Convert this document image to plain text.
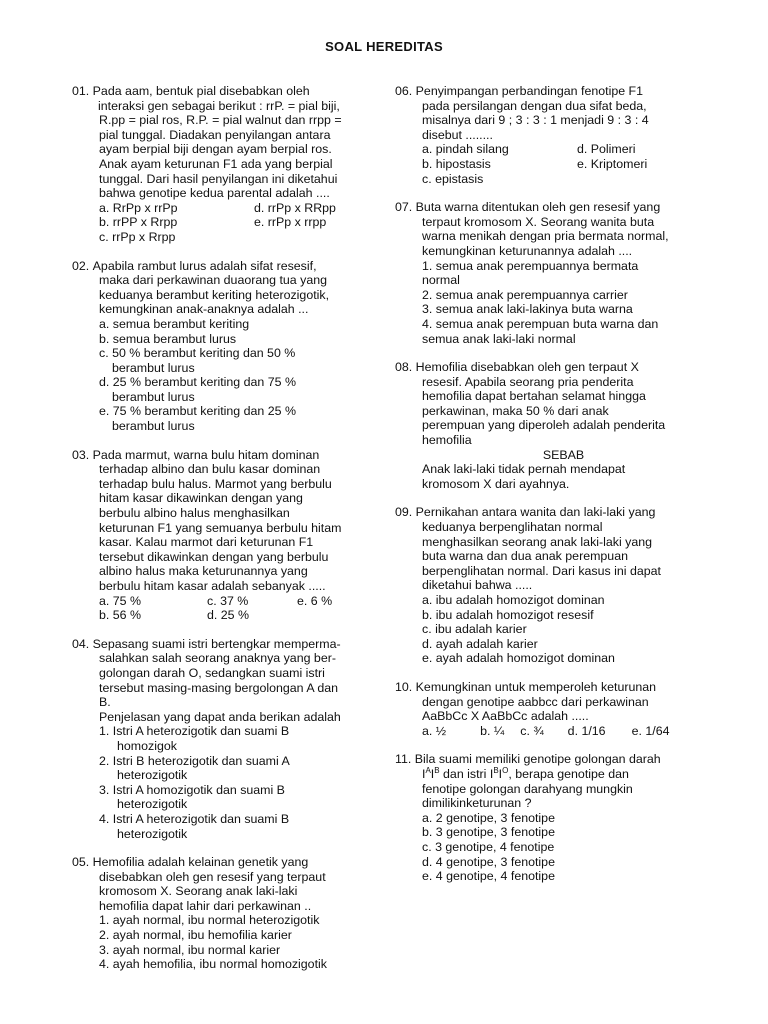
SOAL HEREDITAS
01. Pada aam, bentuk pial disebabkan oleh
interaksi gen sebagai berikut : rrP. = pial biji,
R.pp = pial ros, R.P. = pial walnut dan rrpp =
pial tunggal. Diadakan penyilangan antara
ayam berpial biji dengan ayam berpial ros.
Anak ayam keturunan F1 ada yang berpial
tunggal. Dari hasil penyilangan ini diketahui
bahwa genotipe kedua parental adalah ....
a. RrPp x rrPp	d. rrPp x RRpp
b. rrPP x Rrpp	e. rrPp x rrpp
c. rrPp x Rrpp
02. Apabila rambut lurus adalah sifat resesif,
maka dari perkawinan duaorang tua yang
keduanya berambut keriting heterozigotik,
kemungkinan anak-anaknya adalah ...
a. semua berambut keriting
b. semua berambut lurus
c. 50 % berambut keriting dan 50 %
berambut lurus
d. 25 % berambut keriting dan 75 %
berambut lurus
e. 75 % berambut keriting dan 25 %
berambut lurus
03. Pada marmut, warna bulu hitam dominan
terhadap albino dan bulu kasar dominan
terhadap bulu halus. Marmot yang berbulu
hitam kasar dikawinkan dengan yang
berbulu albino halus menghasilkan
keturunan F1 yang semuanya berbulu hitam
kasar. Kalau marmot dari keturunan F1
tersebut dikawinkan dengan yang berbulu
albino halus maka keturunannya yang
berbulu hitam kasar adalah sebanyak .....
a. 75 %	c. 37 %	e. 6 %
b. 56 %	d. 25 %
04. Sepasang suami istri bertengkar memperma-
salahkan salah seorang anaknya yang ber-
golongan darah O, sedangkan suami istri
tersebut masing-masing bergolongan A dan
B.
Penjelasan yang dapat anda berikan adalah
1. Istri A heterozigotik dan suami B
homozigok
2. Istri B heterozigotik dan suami A
heterozigotik
3. Istri A homozigotik dan suami B
heterozigotik
4. Istri A heterozigotik dan suami B
heterozigotik
05. Hemofilia adalah kelainan genetik yang
disebabkan oleh gen resesif yang terpaut
kromosom X. Seorang anak laki-laki
hemofilia dapat lahir dari perkawinan ..
1. ayah normal, ibu normal heterozigotik
2. ayah normal, ibu hemofilia karier
3. ayah normal, ibu normal karier
4. ayah hemofilia, ibu normal homozigotik
06. Penyimpangan perbandingan fenotipe F1
pada persilangan dengan dua sifat beda,
misalnya dari 9 ; 3 : 3 : 1 menjadi 9 : 3 : 4
disebut ........
a. pindah silang	d. Polimeri
b. hipostasis	e. Kriptomeri
c. epistasis
07. Buta warna ditentukan oleh gen resesif yang
terpaut kromosom X. Seorang wanita buta
warna menikah dengan pria bermata normal,
kemungkinan keturunannya adalah ....
1. semua anak perempuannya bermata
normal
2. semua anak perempuannya carrier
3. semua anak laki-lakinya buta warna
4. semua anak perempuan buta warna dan
semua anak laki-laki normal
08. Hemofilia disebabkan oleh gen terpaut X
resesif. Apabila seorang pria penderita
hemofilia dapat bertahan selamat hingga
perkawinan, maka 50 % dari anak
perempuan yang diperoleh adalah penderita
hemofilia
SEBAB
Anak laki-laki tidak pernah mendapat
kromosom X dari ayahnya.
09. Pernikahan antara wanita dan laki-laki yang
keduanya berpenglihatan normal
menghasilkan seorang anak laki-laki yang
buta warna dan dua anak perempuan
berpenglihatan normal. Dari kasus ini dapat
diketahui bahwa .....
a. ibu adalah homozigot dominan
b. ibu adalah homozigot resesif
c. ibu adalah karier
d. ayah adalah karier
e. ayah adalah homozigot dominan
10. Kemungkinan untuk memperoleh keturunan
dengan genotipe aabbcc dari perkawinan
AaBbCc X AaBbCc adalah .....
a. ½	b. ¼ c. ¾ d. 1/16 e. 1/64
11. Bila suami memiliki genotipe golongan darah
$I^AI^B$ dan istri $I^BI^O$, berapa genotipe dan
fenotipe golongan darahyang mungkin
dimilikinketurunan ?
a. 2 genotipe, 3 fenotipe
b. 3 genotipe, 3 fenotipe
c. 3 genotipe, 4 fenotipe
d. 4 genotipe, 3 fenotipe
e. 4 genotipe, 4 fenotipe
